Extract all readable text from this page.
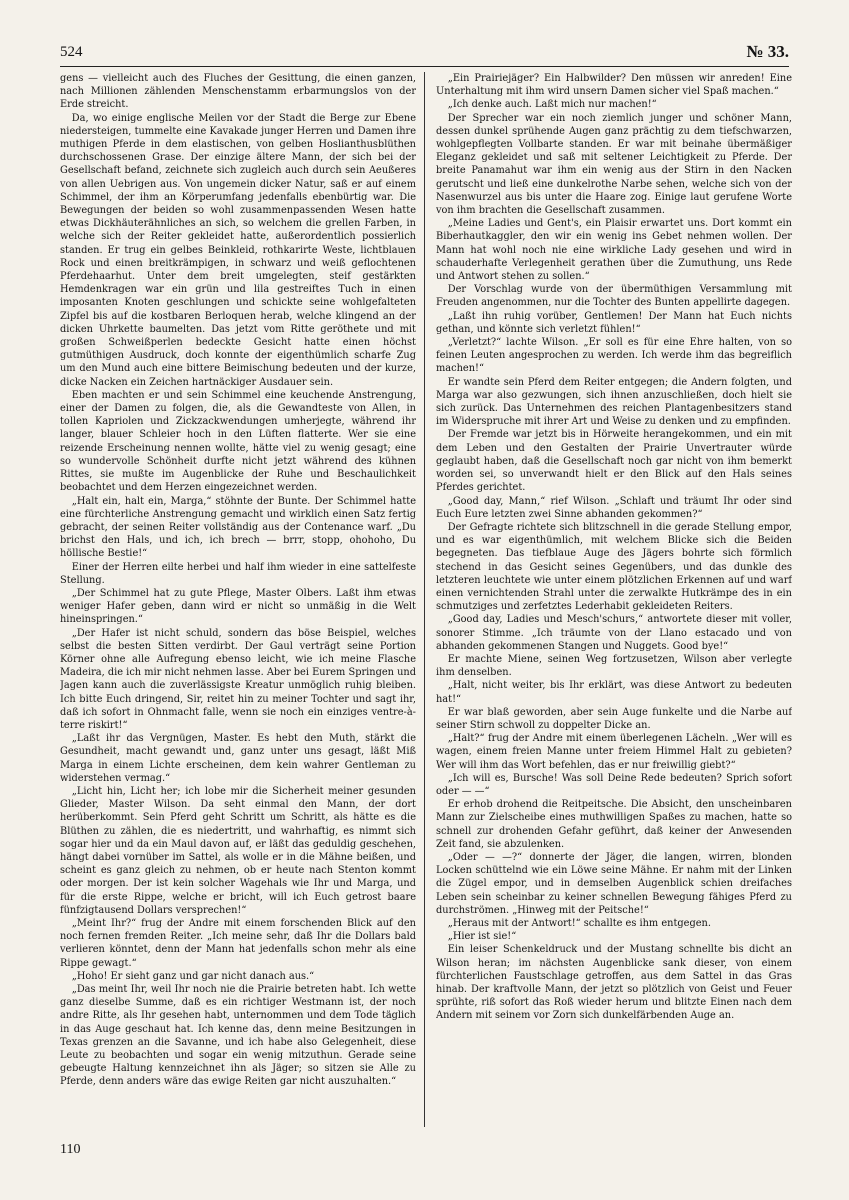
524	№ 33.

gens — vielleicht auch des Fluches der Gesittung, die einen ganzen, nach Millionen zählenden Menschenstamm erbarmungslos von der Erde streicht.

Da, wo einige englische Meilen vor der Stadt die Berge zur Ebene niedersteigen, tummelte eine Kavakade junger Herren und Damen ihre muthigen Pferde in dem elastischen, von gelben Hoslianthusblüthen durchschossenen Grase. Der einzige ältere Mann, der sich bei der Gesellschaft befand, zeichnete sich zugleich auch durch sein Aeußeres von allen Uebrigen aus. Von ungemein dicker Natur, saß er auf einem Schimmel, der ihm an Körperumfang jedenfalls ebenbürtig war. Die Bewegungen der beiden so wohl zusammenpassenden Wesen hatte etwas Dickhäuterähnliches an sich, so welchem die grellen Farben, in welche sich der Reiter gekleidet hatte, außerordentlich possierlich standen. Er trug ein gelbes Beinkleid, rothkarirte Weste, lichtblauen Rock und einen breitkrämpigen, in schwarz und weiß geflochtenen Pferdehaarhut. Unter dem breit umgelegten, steif gestärkten Hemdenkragen war ein grün und lila gestreiftes Tuch in einen imposanten Knoten geschlungen und schickte seine wohlgefalteten Zipfel bis auf die kostbaren Berloquen herab, welche klingend an der dicken Uhrkette baumelten. Das jetzt vom Ritte geröthete und mit großen Schweißperlen bedeckte Gesicht hatte einen höchst gutmüthigen Ausdruck, doch konnte der eigenthümlich scharfe Zug um den Mund auch eine bittere Beimischung bedeuten und der kurze, dicke Nacken ein Zeichen hartnäckiger Ausdauer sein.

Eben machten er und sein Schimmel eine keuchende Anstrengung, einer der Damen zu folgen, die, als die Gewandteste von Allen, in tollen Kapriolen und Zickzackwendungen umherjegte, während ihr langer, blauer Schleier hoch in den Lüften flatterte. Wer sie eine reizende Erscheinung nennen wollte, hätte viel zu wenig gesagt; eine so wundervolle Schönheit durfte nicht jetzt während des kühnen Rittes, sie mußte im Augenblicke der Ruhe und Beschaulichkeit beobachtet und dem Herzen eingezeichnet werden.

„Halt ein, halt ein, Marga,“ stöhnte der Bunte. Der Schimmel hatte eine fürchterliche Anstrengung gemacht und wirklich einen Satz fertig gebracht, der seinen Reiter vollständig aus der Contenance warf. „Du brichst den Hals, und ich, ich brech — brrr, stopp, ohohoho, Du höllische Bestie!“

Einer der Herren eilte herbei und half ihm wieder in eine sattelfeste Stellung.

„Der Schimmel hat zu gute Pflege, Master Olbers. Laßt ihm etwas weniger Hafer geben, dann wird er nicht so unmäßig in die Welt hineinspringen.“

„Der Hafer ist nicht schuld, sondern das böse Beispiel, welches selbst die besten Sitten verdirbt. Der Gaul verträgt seine Portion Körner ohne alle Aufregung ebenso leicht, wie ich meine Flasche Madeira, die ich mir nicht nehmen lasse. Aber bei Eurem Springen und Jagen kann auch die zuverlässigste Kreatur unmöglich ruhig bleiben. Ich bitte Euch dringend, Sir, reitet hin zu meiner Tochter und sagt ihr, daß ich sofort in Ohnmacht falle, wenn sie noch ein einziges ventre-à-terre riskirt!“

„Laßt ihr das Vergnügen, Master. Es hebt den Muth, stärkt die Gesundheit, macht gewandt und, ganz unter uns gesagt, läßt Miß Marga in einem Lichte erscheinen, dem kein wahrer Gentleman zu widerstehen vermag.“

„Licht hin, Licht her; ich lobe mir die Sicherheit meiner gesunden Glieder, Master Wilson. Da seht einmal den Mann, der dort herüberkommt. Sein Pferd geht Schritt um Schritt, als hätte es die Blüthen zu zählen, die es niedertritt, und wahrhaftig, es nimmt sich sogar hier und da ein Maul davon auf, er läßt das geduldig geschehen, hängt dabei vornüber im Sattel, als wolle er in die Mähne beißen, und scheint es ganz gleich zu nehmen, ob er heute nach Stenton kommt oder morgen. Der ist kein solcher Wagehals wie Ihr und Marga, und für die erste Rippe, welche er bricht, will ich Euch getrost baare fünfzigtausend Dollars versprechen!“

„Meint Ihr?“ frug der Andre mit einem forschenden Blick auf den noch fernen fremden Reiter. „Ich meine sehr, daß Ihr die Dollars bald verlieren könntet, denn der Mann hat jedenfalls schon mehr als eine Rippe gewagt.“

„Hoho! Er sieht ganz und gar nicht danach aus.“

„Das meint Ihr, weil Ihr noch nie die Prairie betreten habt. Ich wette ganz dieselbe Summe, daß es ein richtiger Westmann ist, der noch andre Ritte, als Ihr gesehen habt, unternommen und dem Tode täglich in das Auge geschaut hat. Ich kenne das, denn meine Besitzungen in Texas grenzen an die Savanne, und ich habe also Gelegenheit, diese Leute zu beobachten und sogar ein wenig mitzuthun. Gerade seine gebeugte Haltung kennzeichnet ihn als Jäger; so sitzen sie Alle zu Pferde, denn anders wäre das ewige Reiten gar nicht auszuhalten.“

„Ein Prairiejäger? Ein Halbwilder? Den müssen wir anreden! Eine Unterhaltung mit ihm wird unsern Damen sicher viel Spaß machen.“

„Ich denke auch. Laßt mich nur machen!“

Der Sprecher war ein noch ziemlich junger und schöner Mann, dessen dunkel sprühende Augen ganz prächtig zu dem tiefschwarzen, wohlgepflegten Vollbarte standen. Er war mit beinahe übermäßiger Eleganz gekleidet und saß mit seltener Leichtigkeit zu Pferde. Der breite Panamahut war ihm ein wenig aus der Stirn in den Nacken gerutscht und ließ eine dunkelrothe Narbe sehen, welche sich von der Nasenwurzel aus bis unter die Haare zog. Einige laut gerufene Worte von ihm brachten die Gesellschaft zusammen.

„Meine Ladies und Gent's, ein Plaisir erwartet uns. Dort kommt ein Biberhautkaggler, den wir ein wenig ins Gebet nehmen wollen. Der Mann hat wohl noch nie eine wirkliche Lady gesehen und wird in schauderhafte Verlegenheit gerathen über die Zumuthung, uns Rede und Antwort stehen zu sollen.“

Der Vorschlag wurde von der übermüthigen Versammlung mit Freuden angenommen, nur die Tochter des Bunten appellirte dagegen.

„Laßt ihn ruhig vorüber, Gentlemen! Der Mann hat Euch nichts gethan, und könnte sich verletzt fühlen!“

„Verletzt?“ lachte Wilson. „Er soll es für eine Ehre halten, von so feinen Leuten angesprochen zu werden. Ich werde ihm das begreiflich machen!“

Er wandte sein Pferd dem Reiter entgegen; die Andern folgten, und Marga war also gezwungen, sich ihnen anzuschließen, doch hielt sie sich zurück. Das Unternehmen des reichen Plantagenbesitzers stand im Widerspruche mit ihrer Art und Weise zu denken und zu empfinden.

Der Fremde war jetzt bis in Hörweite herangekommen, und ein mit dem Leben und den Gestalten der Prairie Unvertrauter würde geglaubt haben, daß die Gesellschaft noch gar nicht von ihm bemerkt worden sei, so unverwandt hielt er den Blick auf den Hals seines Pferdes gerichtet.

„Good day, Mann,“ rief Wilson. „Schlaft und träumt Ihr oder sind Euch Eure letzten zwei Sinne abhanden gekommen?“

Der Gefragte richtete sich blitzschnell in die gerade Stellung empor, und es war eigenthümlich, mit welchem Blicke sich die Beiden begegneten. Das tiefblaue Auge des Jägers bohrte sich förmlich stechend in das Gesicht seines Gegenübers, und das dunkle des letzteren leuchtete wie unter einem plötzlichen Erkennen auf und warf einen vernichtenden Strahl unter die zerwalkte Hutkrämpe des in ein schmutziges und zerfetztes Lederhabit gekleideten Reiters.

„Good day, Ladies und Mesch'schurs,“ antwortete dieser mit voller, sonorer Stimme. „Ich träumte von der Llano estacado und von abhanden gekommenen Stangen und Nuggets. Good bye!“

Er machte Miene, seinen Weg fortzusetzen, Wilson aber verlegte ihm denselben.

„Halt, nicht weiter, bis Ihr erklärt, was diese Antwort zu bedeuten hat!“

Er war blaß geworden, aber sein Auge funkelte und die Narbe auf seiner Stirn schwoll zu doppelter Dicke an.

„Halt?“ frug der Andre mit einem überlegenen Lächeln. „Wer will es wagen, einem freien Manne unter freiem Himmel Halt zu gebieten? Wer will ihm das Wort befehlen, das er nur freiwillig giebt?“

„Ich will es, Bursche! Was soll Deine Rede bedeuten? Sprich sofort oder — —“

Er erhob drohend die Reitpeitsche. Die Absicht, den unscheinbaren Mann zur Zielscheibe eines muthwilligen Spaßes zu machen, hatte so schnell zur drohenden Gefahr geführt, daß keiner der Anwesenden Zeit fand, sie abzulenken.

„Oder — —?“ donnerte der Jäger, die langen, wirren, blonden Locken schüttelnd wie ein Löwe seine Mähne. Er nahm mit der Linken die Zügel empor, und in demselben Augenblick schien dreifaches Leben sein scheinbar zu keiner schnellen Bewegung fähiges Pferd zu durchströmen. „Hinweg mit der Peitsche!“

„Heraus mit der Antwort!“ schallte es ihm entgegen.

„Hier ist sie!“

Ein leiser Schenkeldruck und der Mustang schnellte bis dicht an Wilson heran; im nächsten Augenblicke sank dieser, von einem fürchterlichen Faustschlage getroffen, aus dem Sattel in das Gras hinab. Der kraftvolle Mann, der jetzt so plötzlich von Geist und Feuer sprühte, riß sofort das Roß wieder herum und blitzte Einen nach dem Andern mit seinem vor Zorn sich dunkelfärbenden Auge an.

110
